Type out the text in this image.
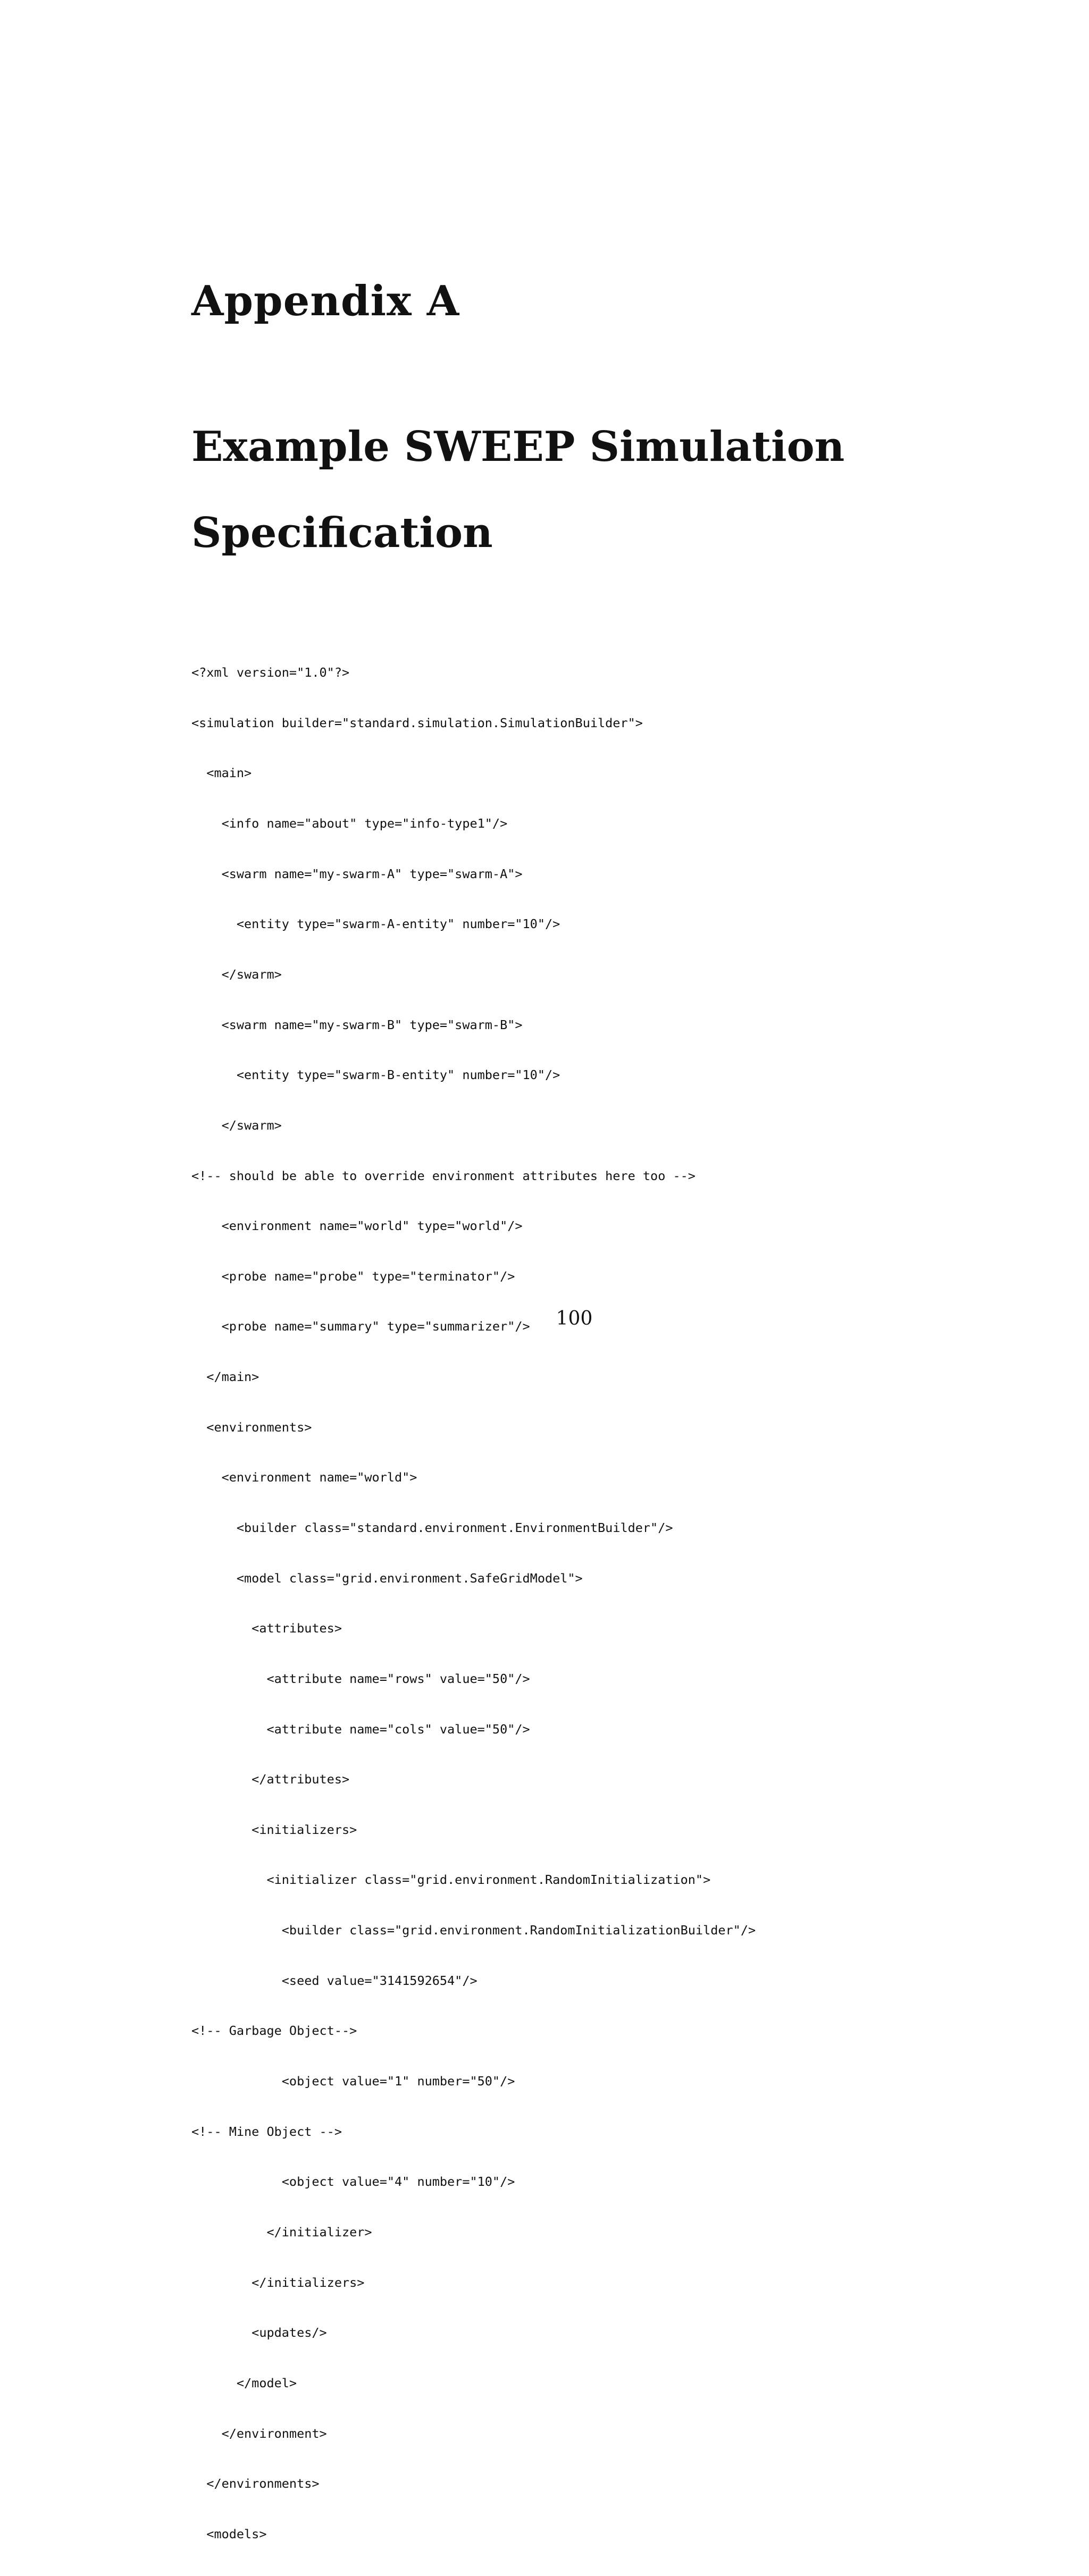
Appendix A
Example SWEEP Simulation
Specification

<?xml version="1.0"?>

<simulation builder="standard.simulation.SimulationBuilder">

<main>

<info name="about" type="info-type1"/>

<swarm name="my-swarm-A" type="swarm-A">

<entity type="swarm-A-entity" number="10"/>

</swarm>

<swarm name="my-swarm-B" type="swarm-B">

<entity type="swarm-B-entity" number="10"/>

</swarm>

<!-- should be able to override environment attributes here too -->

<environment name="world" type="world"/>

<probe name="probe" type="terminator"/>

<probe name="summary" type="summarizer"/>

</main>

<environments>

<environment name="world">

<builder class="standard.environment.EnvironmentBuilder"/>

<model class="grid.environment.SafeGridModel">

<attributes>

<attribute name="rows" value="50"/>

<attribute name="cols" value="50"/>

</attributes>

<initializers>

<initializer class="grid.environment.RandomInitialization">

<builder class="grid.environment.RandomInitializationBuilder"/>

<seed value="3141592654"/>

<!-- Garbage Object-->

<object value="1" number="50"/>

<!-- Mine Object -->

<object value="4" number="10"/>

</initializer>

</initializers>

<updates/>

</model>

</environment>

</environments>

<models>

100
